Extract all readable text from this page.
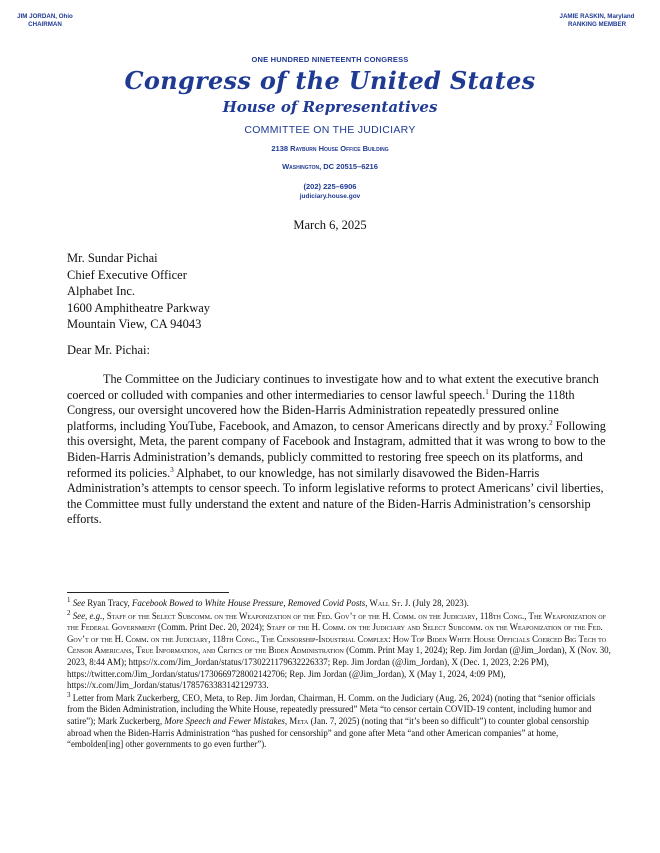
JIM JORDAN, Ohio
CHAIRMAN
JAMIE RASKIN, Maryland
RANKING MEMBER
ONE HUNDRED NINETEENTH CONGRESS
Congress of the United States
House of Representatives
COMMITTEE ON THE JUDICIARY
2138 Rayburn House Office Building
Washington, DC 20515–6216
(202) 225–6906
judiciary.house.gov
March 6, 2025
Mr. Sundar Pichai
Chief Executive Officer
Alphabet Inc.
1600 Amphitheatre Parkway
Mountain View, CA 94043
Dear Mr. Pichai:

The Committee on the Judiciary continues to investigate how and to what extent the executive branch coerced or colluded with companies and other intermediaries to censor lawful speech.$^1$ During the 118th Congress, our oversight uncovered how the Biden-Harris Administration repeatedly pressured online platforms, including YouTube, Facebook, and Amazon, to censor Americans directly and by proxy.$^2$ Following this oversight, Meta, the parent company of Facebook and Instagram, admitted that it was wrong to bow to the Biden-Harris Administration’s demands, publicly committed to restoring free speech on its platforms, and reformed its policies.$^3$ Alphabet, to our knowledge, has not similarly disavowed the Biden-Harris Administration’s attempts to censor speech. To inform legislative reforms to protect Americans’ civil liberties, the Committee must fully understand the extent and nature of the Biden-Harris Administration’s censorship efforts.

$^1$ See Ryan Tracy, Facebook Bowed to White House Pressure, Removed Covid Posts, Wall St. J. (July 28, 2023).

$^2$ See, e.g., Staff of the Select Subcomm. on the Weaponization of the Fed. Gov’t of the H. Comm. on the Judiciary, 118th Cong., The Weaponization of the Federal Government (Comm. Print Dec. 20, 2024); Staff of the H. Comm. on the Judiciary and Select Subcomm. on the Weaponization of the Fed. Gov’t of the H. Comm. on the Judiciary, 118th Cong., The Censorship-Industrial Complex: How Top Biden White House Officials Coerced Big Tech to Censor Americans, True Information, and Critics of the Biden Administration (Comm. Print May 1, 2024); Rep. Jim Jordan (@Jim_Jordan), X (Nov. 30, 2023, 8:44 AM); https://x.com/Jim_Jordan/status/1730221179632226337; Rep. Jim Jordan (@Jim_Jordan), X (Dec. 1, 2023, 2:26 PM), https://twitter.com/Jim_Jordan/status/1730669728002142706; Rep. Jim Jordan (@Jim_Jordan), X (May 1, 2024, 4:09 PM), https://x.com/Jim_Jordan/status/1785763383142129733.

$^3$ Letter from Mark Zuckerberg, CEO, Meta, to Rep. Jim Jordan, Chairman, H. Comm. on the Judiciary (Aug. 26, 2024) (noting that “senior officials from the Biden Administration, including the White House, repeatedly pressured” Meta “to censor certain COVID-19 content, including humor and satire”); Mark Zuckerberg, More Speech and Fewer Mistakes, Meta (Jan. 7, 2025) (noting that “it’s been so difficult”) to counter global censorship abroad when the Biden-Harris Administration “has pushed for censorship” and gone after Meta “and other American companies” at home, “embolden[ing] other governments to go even further”).
